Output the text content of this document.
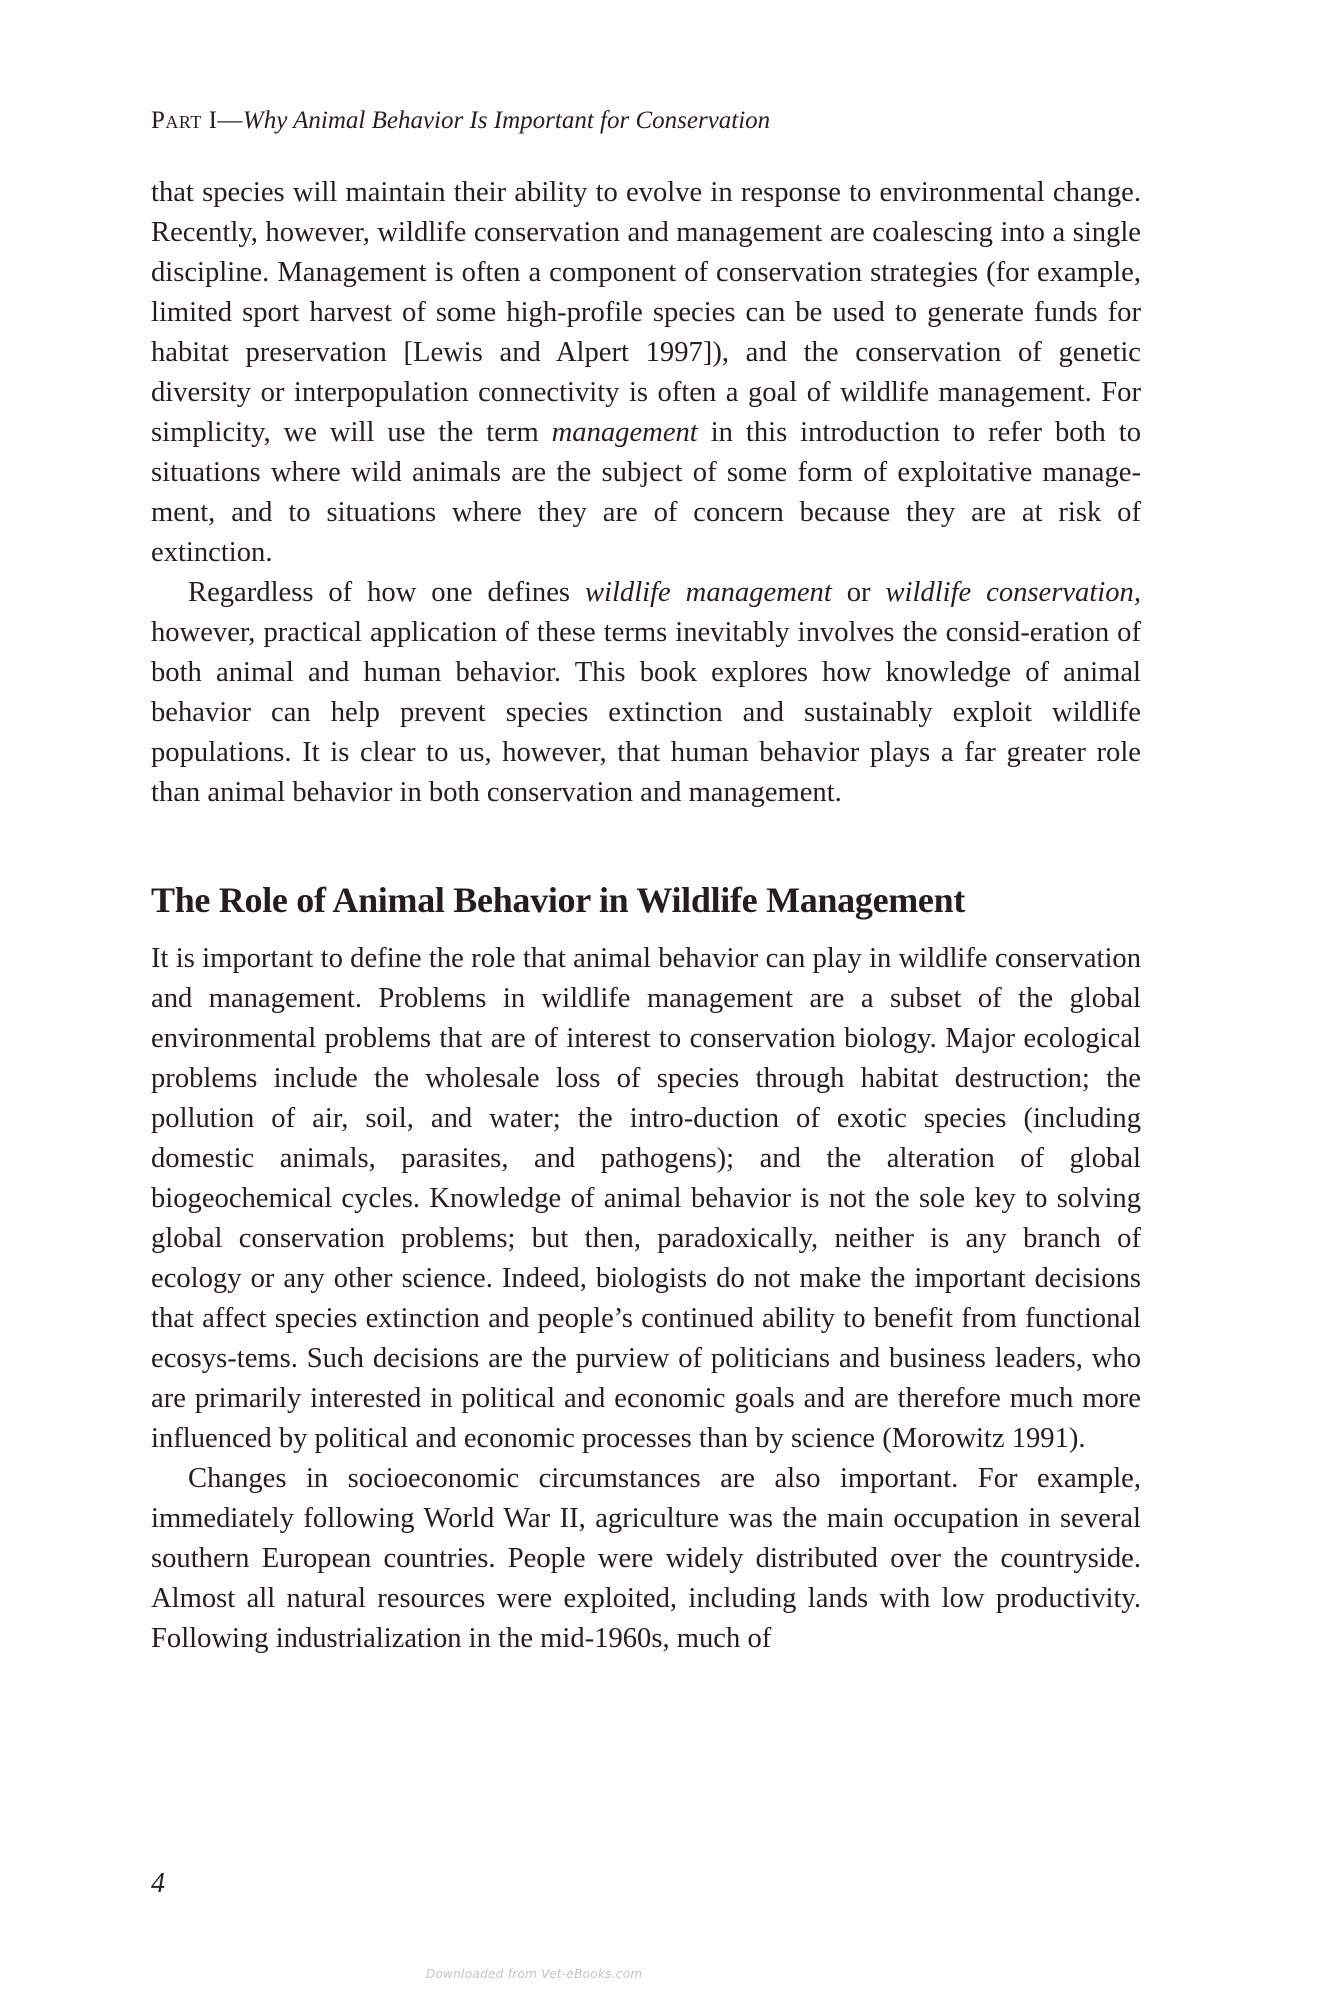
Part I—Why Animal Behavior Is Important for Conservation

that species will maintain their ability to evolve in response to environmental change. Recently, however, wildlife conservation and management are coalescing into a single discipline. Management is often a component of conservation strategies (for example, limited sport harvest of some high-profile species can be used to generate funds for habitat preservation [Lewis and Alpert 1997]), and the conservation of genetic diversity or interpopulation connectivity is often a goal of wildlife management. For simplicity, we will use the term management in this introduction to refer both to situations where wild animals are the subject of some form of exploitative manage-ment, and to situations where they are of concern because they are at risk of extinction.

Regardless of how one defines wildlife management or wildlife conservation, however, practical application of these terms inevitably involves the consid-eration of both animal and human behavior. This book explores how knowledge of animal behavior can help prevent species extinction and sustainably exploit wildlife populations. It is clear to us, however, that human behavior plays a far greater role than animal behavior in both conservation and management.

The Role of Animal Behavior in Wildlife Management

It is important to define the role that animal behavior can play in wildlife conservation and management. Problems in wildlife management are a subset of the global environmental problems that are of interest to conservation biology. Major ecological problems include the wholesale loss of species through habitat destruction; the pollution of air, soil, and water; the intro-duction of exotic species (including domestic animals, parasites, and pathogens); and the alteration of global biogeochemical cycles. Knowledge of animal behavior is not the sole key to solving global conservation problems; but then, paradoxically, neither is any branch of ecology or any other science. Indeed, biologists do not make the important decisions that affect species extinction and people’s continued ability to benefit from functional ecosys-tems. Such decisions are the purview of politicians and business leaders, who are primarily interested in political and economic goals and are therefore much more influenced by political and economic processes than by science (Morowitz 1991).

Changes in socioeconomic circumstances are also important. For example, immediately following World War II, agriculture was the main occupation in several southern European countries. People were widely distributed over the countryside. Almost all natural resources were exploited, including lands with low productivity. Following industrialization in the mid-1960s, much of

4
Downloaded from Vet-eBooks.com
